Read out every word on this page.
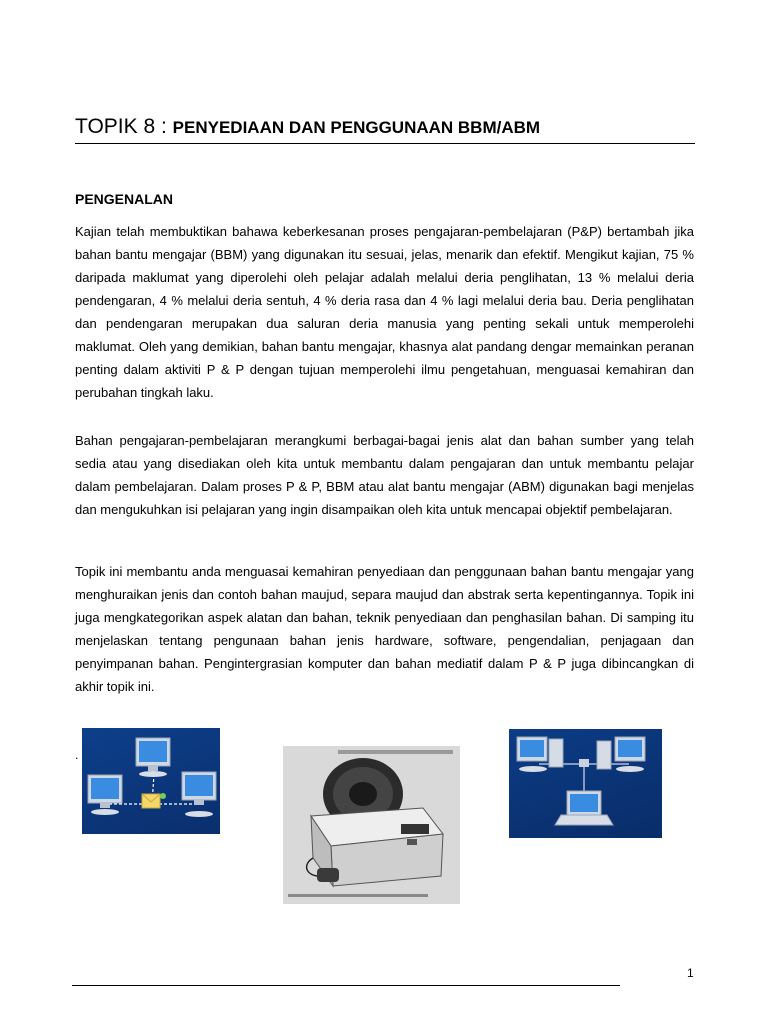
TOPIK 8 : PENYEDIAAN DAN PENGGUNAAN BBM/ABM
PENGENALAN

Kajian telah membuktikan bahawa keberkesanan proses pengajaran-pembelajaran (P&P) bertambah jika bahan bantu mengajar (BBM) yang digunakan itu sesuai, jelas, menarik dan efektif. Mengikut kajian, 75 % daripada maklumat yang diperolehi oleh pelajar adalah melalui deria penglihatan, 13 % melalui deria pendengaran, 4 % melalui deria sentuh, 4 % deria rasa dan 4 % lagi melalui deria bau. Deria penglihatan dan pendengaran merupakan dua saluran deria manusia yang penting sekali untuk memperolehi maklumat. Oleh yang demikian, bahan bantu mengajar, khasnya alat pandang dengar memainkan peranan penting dalam aktiviti P & P dengan tujuan memperolehi ilmu pengetahuan, menguasai kemahiran dan perubahan tingkah laku.

Bahan pengajaran-pembelajaran merangkumi berbagai-bagai jenis alat dan bahan sumber yang telah sedia atau yang disediakan oleh kita untuk membantu dalam pengajaran dan untuk membantu pelajar dalam pembelajaran. Dalam proses P & P, BBM atau alat bantu mengajar (ABM) digunakan bagi menjelas dan mengukuhkan isi pelajaran yang ingin disampaikan oleh kita untuk mencapai objektif pembelajaran.

Topik ini membantu anda menguasai kemahiran penyediaan dan penggunaan bahan bantu mengajar yang menghuraikan jenis dan contoh bahan maujud, separa maujud dan abstrak serta kepentingannya. Topik ini juga mengkategorikan aspek alatan dan bahan, teknik penyediaan dan penghasilan bahan. Di samping itu menjelaskan tentang pengunaan bahan jenis hardware, software, pengendalian, penjagaan dan penyimpanan bahan. Pengintergrasian komputer dan bahan mediatif dalam P & P juga dibincangkan di akhir topik ini.

.
1
